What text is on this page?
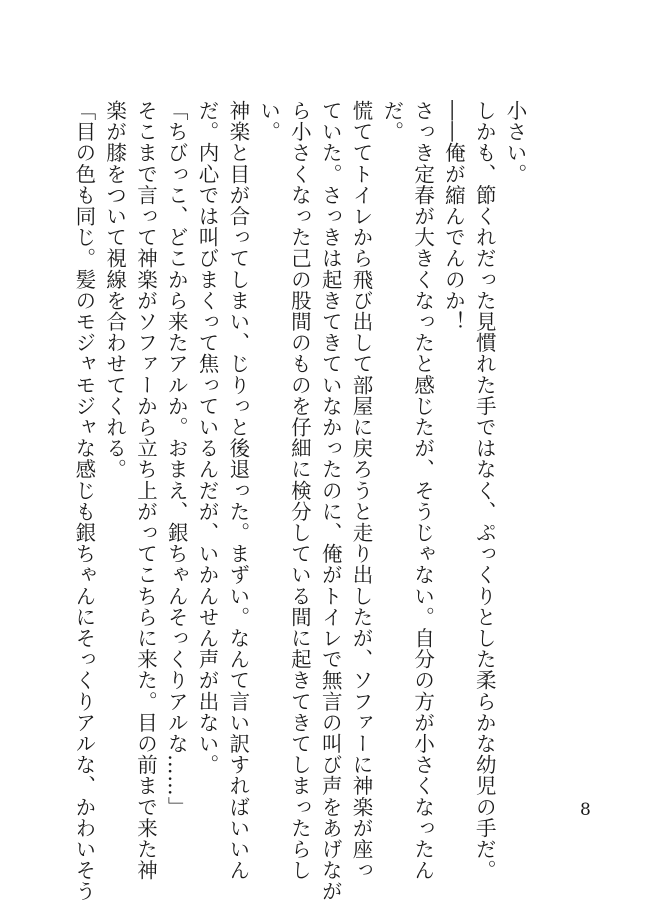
小さい。
しかも、節くれだった見慣れた手ではなく、ぷっくりとした柔らかな幼児の手だ。
――俺が縮んでんのか！
さっき定春が大きくなったと感じたが、そうじゃない。自分の方が小さくなったん
だ。
慌ててトイレから飛び出して部屋に戻ろうと走り出したが、ソファーに神楽が座っ
ていた。さっきは起きてきていなかったのに、俺がトイレで無言の叫び声をあげなが
ら小さくなった己の股間のものを仔細に検分している間に起きてきてしまったらし
い。
神楽と目が合ってしまい、じりっと後退った。まずい。なんて言い訳すればいいん
だ。内心では叫びまくって焦っているんだが、いかんせん声が出ない。
「ちびっこ、どこから来たアルか。おまえ、銀ちゃんそっくりアルな……」
そこまで言って神楽がソファーから立ち上がってこちらに来た。目の前まで来た神
楽が膝をついて視線を合わせてくれる。
「目の色も同じ。髪のモジャモジャな感じも銀ちゃんにそっくりアルな、かわいそう	8
